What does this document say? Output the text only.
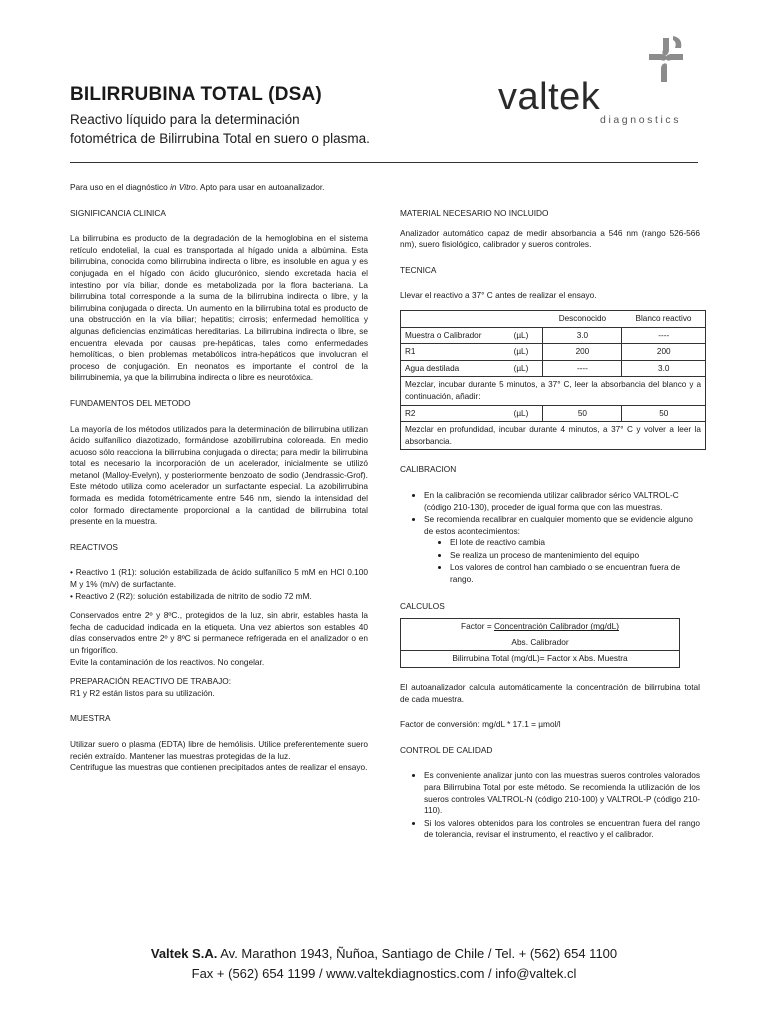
BILIRRUBINA TOTAL (DSA)
Reactivo líquido para la determinación fotométrica de Bilirrubina Total en suero o plasma.
valtek
diagnostics

Para uso en el diagnóstico in Vitro. Apto para usar en autoanalizador.

SIGNIFICANCIA CLINICA

La bilirrubina es producto de la degradación de la hemoglobina en el sistema retículo endotelial, la cual es transportada al hígado unida a albúmina. Esta bilirrubina, conocida como bilirrubina indirecta o libre, es insoluble en agua y es conjugada en el hígado con ácido glucurónico, siendo excretada hacia el intestino por vía biliar, donde es metabolizada por la flora bacteriana. La bilirrubina total corresponde a la suma de la bilirrubina indirecta o libre, y la bilirrubina conjugada o directa. Un aumento en la bilirrubina total es producto de una obstrucción en la vía biliar; hepatitis; cirrosis; enfermedad hemolítica y algunas deficiencias enzimáticas hereditarias. La bilirrubina indirecta o libre, se encuentra elevada por causas pre-hepáticas, tales como enfermedades hemolíticas, o bien problemas metabólicos intra-hepáticos que involucran el proceso de conjugación. En neonatos es importante el control de la bilirrubinemia, ya que la bilirrubina indirecta o libre es neurotóxica.

FUNDAMENTOS DEL METODO

La mayoría de los métodos utilizados para la determinación de bilirrubina utilizan ácido sulfanílico diazotizado, formándose azobilirrubina coloreada. En medio acuoso sólo reacciona la bilirrubina conjugada o directa; para medir la bilirrubina total es necesario la incorporación de un acelerador, inicialmente se utilizó metanol (Malloy-Evelyn), y posteriormente benzoato de sodio (Jendrassic-Grof). Este método utiliza como acelerador un surfactante especial. La azobilirrubina formada es medida fotométricamente entre 546 nm, siendo la intensidad del color formado directamente proporcional a la cantidad de bilirrubina total presente en la muestra.

REACTIVOS

• Reactivo 1 (R1): solución estabilizada de ácido sulfanílico 5 mM en HCl 0.100 M y 1% (m/v) de surfactante.

• Reactivo 2 (R2): solución estabilizada de nitrito de sodio 72 mM.

Conservados entre 2º y 8ºC., protegidos de la luz, sin abrir, estables hasta la fecha de caducidad indicada en la etiqueta. Una vez abiertos son estables 40 días conservados entre 2º y 8ºC si permanece refrigerada en el analizador o en un frigorífico.

Evite la contaminación de los reactivos. No congelar.

PREPARACIÓN REACTIVO DE TRABAJO:

R1 y R2 están listos para su utilización.

MUESTRA

Utilizar suero o plasma (EDTA) libre de hemólisis. Utilice preferentemente suero recién extraído. Mantener las muestras protegidas de la luz.

Centrifugue las muestras que contienen precipitados antes de realizar el ensayo.

MATERIAL NECESARIO NO INCLUIDO

Analizador automático capaz de medir absorbancia a 546 nm (rango 526-566 nm), suero fisiológico, calibrador y sueros controles.

TECNICA

Llevar el reactivo a 37° C antes de realizar el ensayo.

		Desconocido	Blanco reactivo
Muestra o Calibrador	(µL)	3.0	----
R1	(µL)	200	200
Agua destilada	(µL)	----	3.0
Mezclar, incubar durante 5 minutos, a 37° C, leer la absorbancia del blanco y a continuación, añadir:			
R2	(µL)	50	50
Mezclar en profundidad, incubar durante 4 minutos, a 37° C y volver a leer la absorbancia.			
CALIBRACION
• En la calibración se recomienda utilizar calibrador sérico VALTROL-C (código 210-130), proceder de igual forma que con las muestras.
• Se recomienda recalibrar en cualquier momento que se evidencie alguno de estos acontecimientos:
• El lote de reactivo cambia
• Se realiza un proceso de mantenimiento del equipo
• Los valores de control han cambiado o se encuentran fuera de rango.
CALCULOS
Factor = Concentración Calibrador (mg/dL)
Abs. Calibrador
Bilirrubina Total (mg/dL)= Factor x Abs. Muestra

El autoanalizador calcula automáticamente la concentración de bilirrubina total de cada muestra.

Factor de conversión: mg/dL * 17.1 = µmol/l

CONTROL DE CALIDAD
• Es conveniente analizar junto con las muestras sueros controles valorados para Bilirrubina Total por este método. Se recomienda la utilización de los sueros controles VALTROL-N (código 210-100) y VALTROL-P (código 210-110).
• Si los valores obtenidos para los controles se encuentran fuera del rango de tolerancia, revisar el instrumento, el reactivo y el calibrador.
Valtek S.A. Av. Marathon 1943, Ñuñoa, Santiago de Chile / Tel. + (562) 654 1100
Fax + (562) 654 1199 / www.valtekdiagnostics.com / info@valtek.cl
